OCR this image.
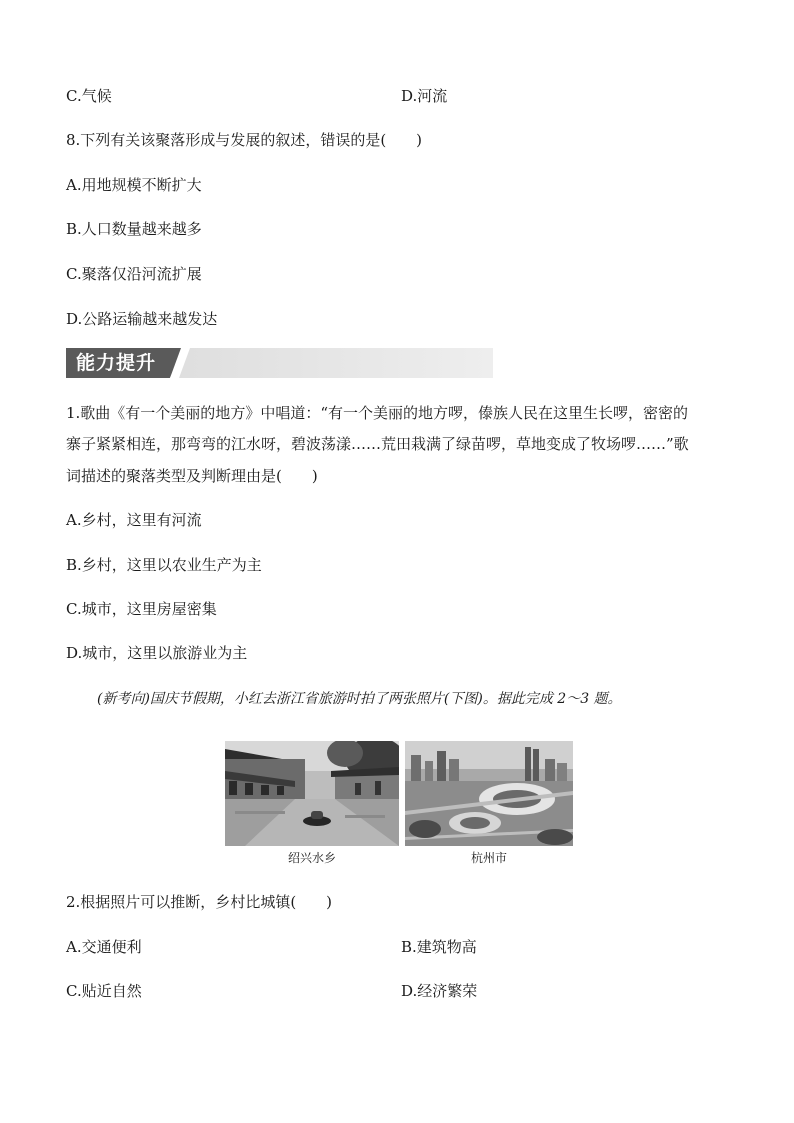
C.气候	D.河流
8.下列有关该聚落形成与发展的叙述，错误的是(　　)
A.用地规模不断扩大
B.人口数量越来越多
C.聚落仅沿河流扩展
D.公路运输越来越发达
能力提升
1.歌曲《有一个美丽的地方》中唱道：“有一个美丽的地方啰，傣族人民在这里生长啰，密密的
寨子紧紧相连，那弯弯的江水呀，碧波荡漾……荒田栽满了绿苗啰，草地变成了牧场啰……”歌
词描述的聚落类型及判断理由是(　　)
A.乡村，这里有河流
B.乡村，这里以农业生产为主
C.城市，这里房屋密集
D.城市，这里以旅游业为主
(新考向)国庆节假期，小红去浙江省旅游时拍了两张照片(下图)。据此完成 2～3 题。
绍兴水乡	杭州市
2.根据照片可以推断，乡村比城镇(　　)
A.交通便利	B.建筑物高
C.贴近自然	D.经济繁荣
